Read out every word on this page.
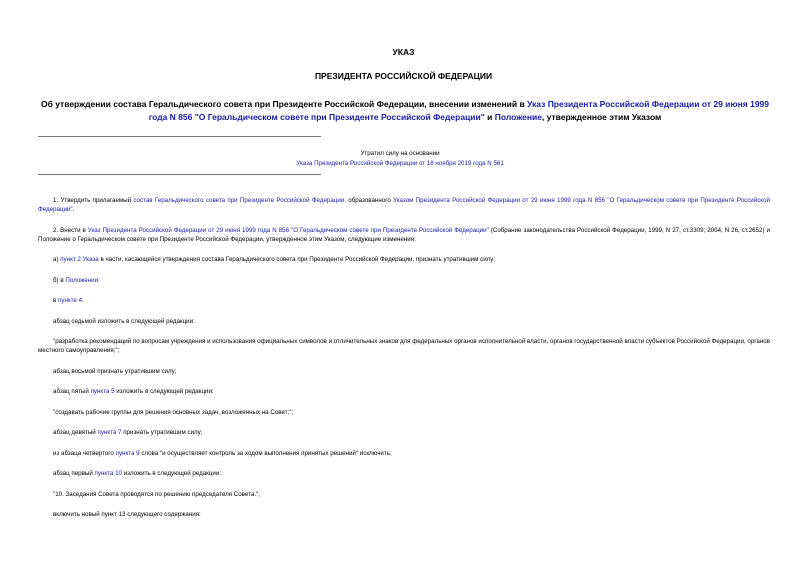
УКАЗ
ПРЕЗИДЕНТА РОССИЙСКОЙ ФЕДЕРАЦИИ
Об утверждении состава Геральдического совета при Президенте Российской Федерации, внесении изменений в Указ Президента Российской Федерации от 29 июня 1999 года N 856 "О Геральдическом совете при Президенте Российской Федерации" и Положение, утвержденное этим Указом
Утратил силу на основании
Указа Президента Российской Федерации от 18 ноября 2019 года N 561

1. Утвердить прилагаемый состав Геральдического совета при Президенте Российской Федерации, образованного Указом Президента Российской Федерации от 29 июня 1999 года N 856 "О Геральдическом совете при Президенте Российской Федерации".

2. Внести в Указ Президента Российской Федерации от 29 июня 1999 года N 856 "О Геральдическом совете при Президенте Российской Федерации" (Собрание законодательства Российской Федерации, 1999, N 27, ст.3309; 2004, N 26, ст.2652) и Положение о Геральдическом совете при Президенте Российской Федерации, утвержденное этим Указом, следующие изменения:

а) пункт 2 Указа в части, касающейся утверждения состава Геральдического совета при Президенте Российской Федерации, признать утратившим силу;

б) в Положении:

в пункте 4:

абзац седьмой изложить в следующей редакции:

"разработка рекомендаций по вопросам учреждения и использования официальных символов и отличительных знаков для федеральных органов исполнительной власти, органов государственной власти субъектов Российской Федерации, органов местного самоуправления;";

абзац восьмой признать утратившим силу;

абзац пятый пункта 5 изложить в следующей редакции:

"создавать рабочие группы для решения основных задач, возложенных на Совет;";

абзац девятый пункта 7 признать утратившим силу;

из абзаца четвертого пункта 9 слова "и осуществляет контроль за ходом выполнения принятых решений" исключить;

абзац первый пункта 10 изложить в следующей редакции:

"10. Заседания Совета проводятся по решению председателя Совета.";

включить новый пункт 13 следующего содержания:
